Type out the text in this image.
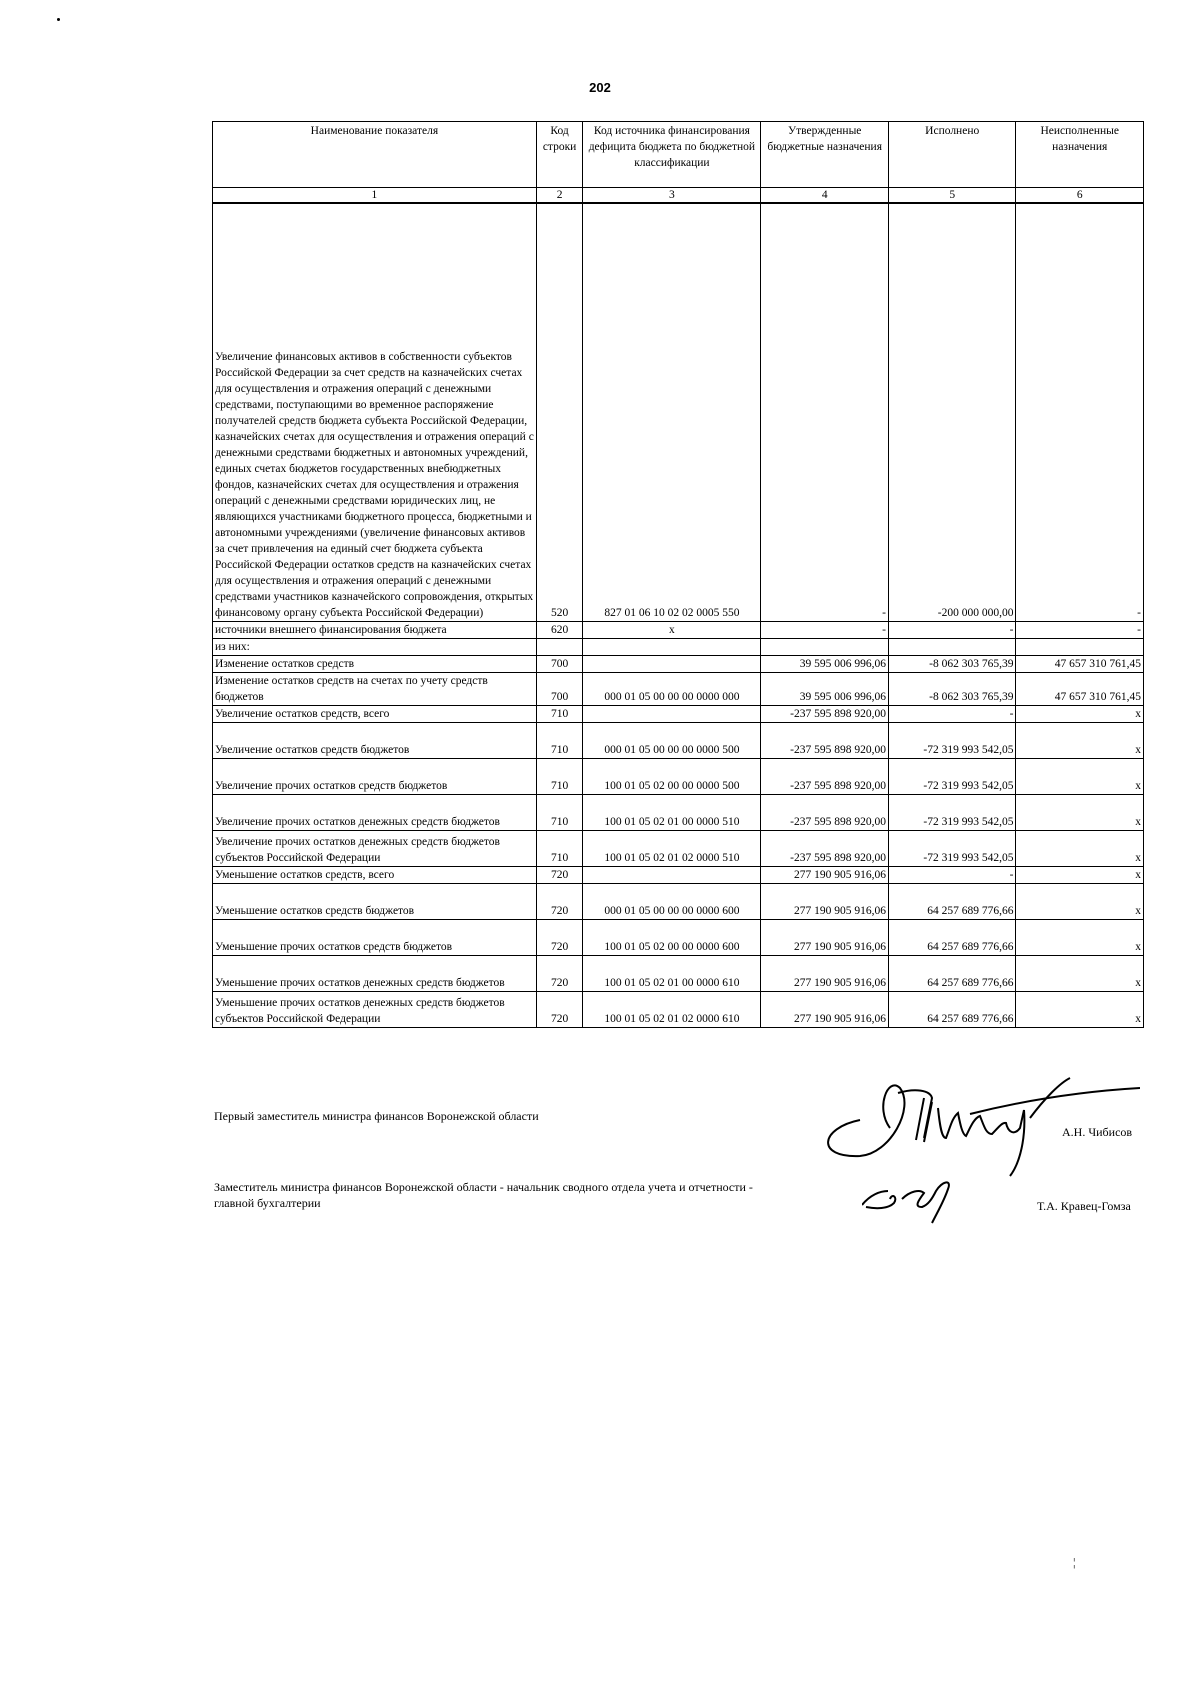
202
Наименование показателя	Код строки	Код источника финансирования дефицита бюджета по бюджетной классификации	Утвержденные бюджетные назначения	Исполнено	Неисполненные назначения
1	2	3	4	5	6

Увеличение финансовых активов в собственности субъектов Российской Федерации за счет средств на казначейских счетах для осуществления и отражения операций с денежными средствами, поступающими во временное распоряжение получателей средств бюджета субъекта Российской Федерации, казначейских счетах для осуществления и отражения операций с денежными средствами бюджетных и автономных учреждений, единых счетах бюджетов государственных внебюджетных фондов, казначейских счетах для осуществления и отражения операций с денежными средствами юридических лиц, не являющихся участниками бюджетного процесса, бюджетными и автономными учреждениями (увеличение финансовых активов за счет привлечения на единый счет бюджета субъекта Российской Федерации остатков средств на казначейских счетах для осуществления и отражения операций с денежными средствами участников казначейского сопровождения, открытых финансовому органу субъекта Российской Федерации)	520	827 01 06 10 02 02 0005 550	-	-200 000 000,00	-
источники внешнего финансирования бюджета	620	x	-	-	-
из них:					
Изменение остатков средств	700		39 595 006 996,06	-8 062 303 765,39	47 657 310 761,45
Изменение остатков средств на счетах по учету средств бюджетов	700	000 01 05 00 00 00 0000 000	39 595 006 996,06	-8 062 303 765,39	47 657 310 761,45
Увеличение остатков средств, всего	710		-237 595 898 920,00	-	x
Увеличение остатков средств бюджетов	710	000 01 05 00 00 00 0000 500	-237 595 898 920,00	-72 319 993 542,05	x
Увеличение прочих остатков средств бюджетов	710	100 01 05 02 00 00 0000 500	-237 595 898 920,00	-72 319 993 542,05	x
Увеличение прочих остатков денежных средств бюджетов	710	100 01 05 02 01 00 0000 510	-237 595 898 920,00	-72 319 993 542,05	x
Увеличение прочих остатков денежных средств бюджетов субъектов Российской Федерации	710	100 01 05 02 01 02 0000 510	-237 595 898 920,00	-72 319 993 542,05	x
Уменьшение остатков средств, всего	720		277 190 905 916,06	-	x
Уменьшение остатков средств бюджетов	720	000 01 05 00 00 00 0000 600	277 190 905 916,06	64 257 689 776,66	x
Уменьшение прочих остатков средств бюджетов	720	100 01 05 02 00 00 0000 600	277 190 905 916,06	64 257 689 776,66	x
Уменьшение прочих остатков денежных средств бюджетов	720	100 01 05 02 01 00 0000 610	277 190 905 916,06	64 257 689 776,66	x
Уменьшение прочих остатков денежных средств бюджетов субъектов Российской Федерации	720	100 01 05 02 01 02 0000 610	277 190 905 916,06	64 257 689 776,66	x
Первый заместитель министра финансов Воронежской области
А.Н. Чибисов
Заместитель министра финансов Воронежской области - начальник сводного отдела учета и отчетности - главной бухгалтерии	Т.А. Кравец-Гомза
¦
